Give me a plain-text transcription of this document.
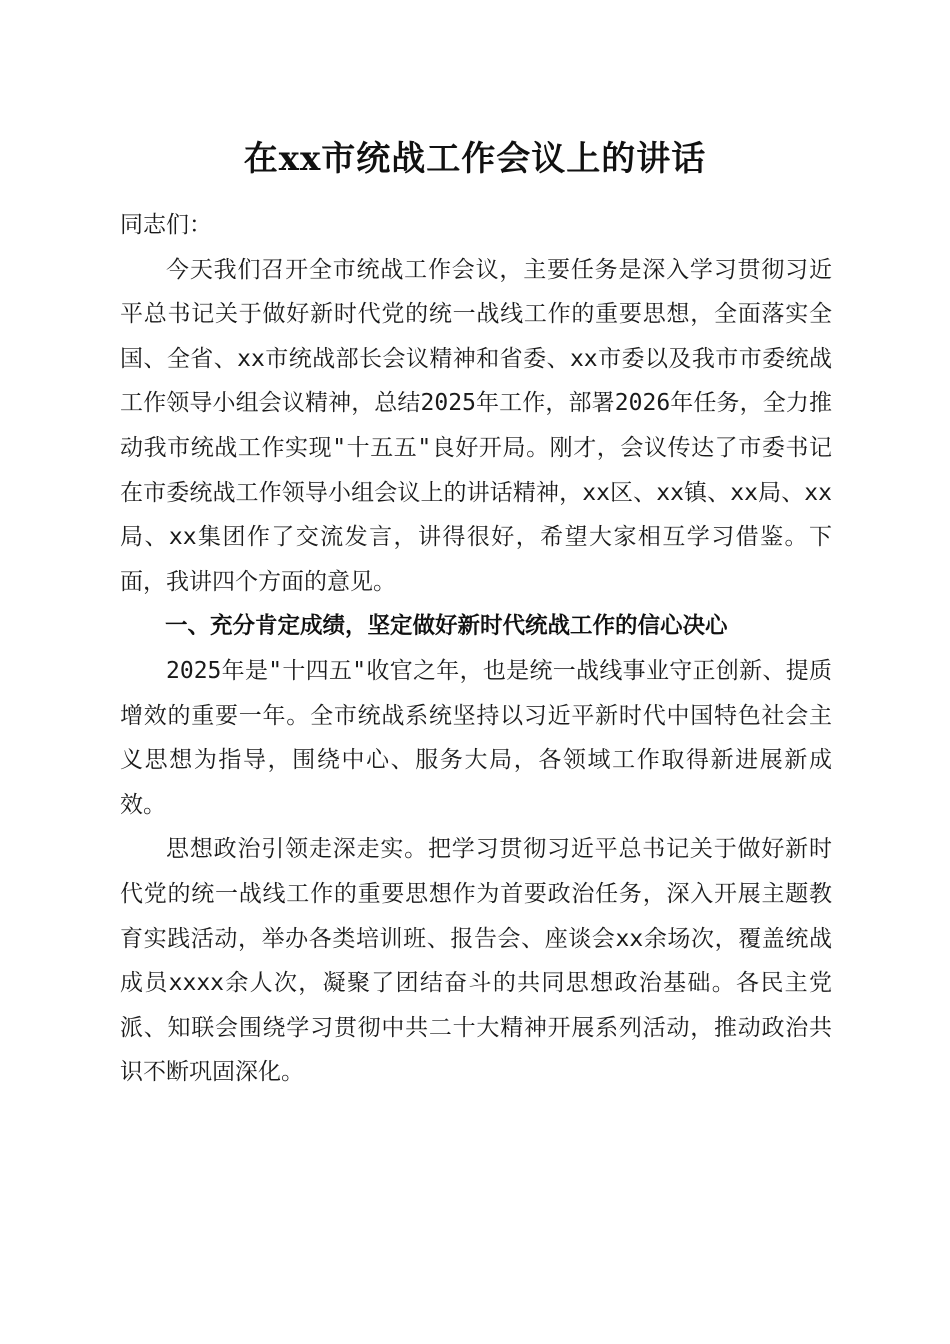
在xx市统战工作会议上的讲话

同志们：

今天我们召开全市统战工作会议，主要任务是深入学习贯彻习近平总书记关于做好新时代党的统一战线工作的重要思想，全面落实全国、全省、xx市统战部长会议精神和省委、xx市委以及我市市委统战工作领导小组会议精神，总结2025年工作，部署2026年任务，全力推动我市统战工作实现"十五五"良好开局。刚才，会议传达了市委书记在市委统战工作领导小组会议上的讲话精神，xx区、xx镇、xx局、xx局、xx集团作了交流发言，讲得很好，希望大家相互学习借鉴。下面，我讲四个方面的意见。

一、充分肯定成绩，坚定做好新时代统战工作的信心决心

2025年是"十四五"收官之年，也是统一战线事业守正创新、提质增效的重要一年。全市统战系统坚持以习近平新时代中国特色社会主义思想为指导，围绕中心、服务大局，各领域工作取得新进展新成效。

思想政治引领走深走实。把学习贯彻习近平总书记关于做好新时代党的统一战线工作的重要思想作为首要政治任务，深入开展主题教育实践活动，举办各类培训班、报告会、座谈会xx余场次，覆盖统战成员xxxx余人次，凝聚了团结奋斗的共同思想政治基础。各民主党派、知联会围绕学习贯彻中共二十大精神开展系列活动，推动政治共识不断巩固深化。
